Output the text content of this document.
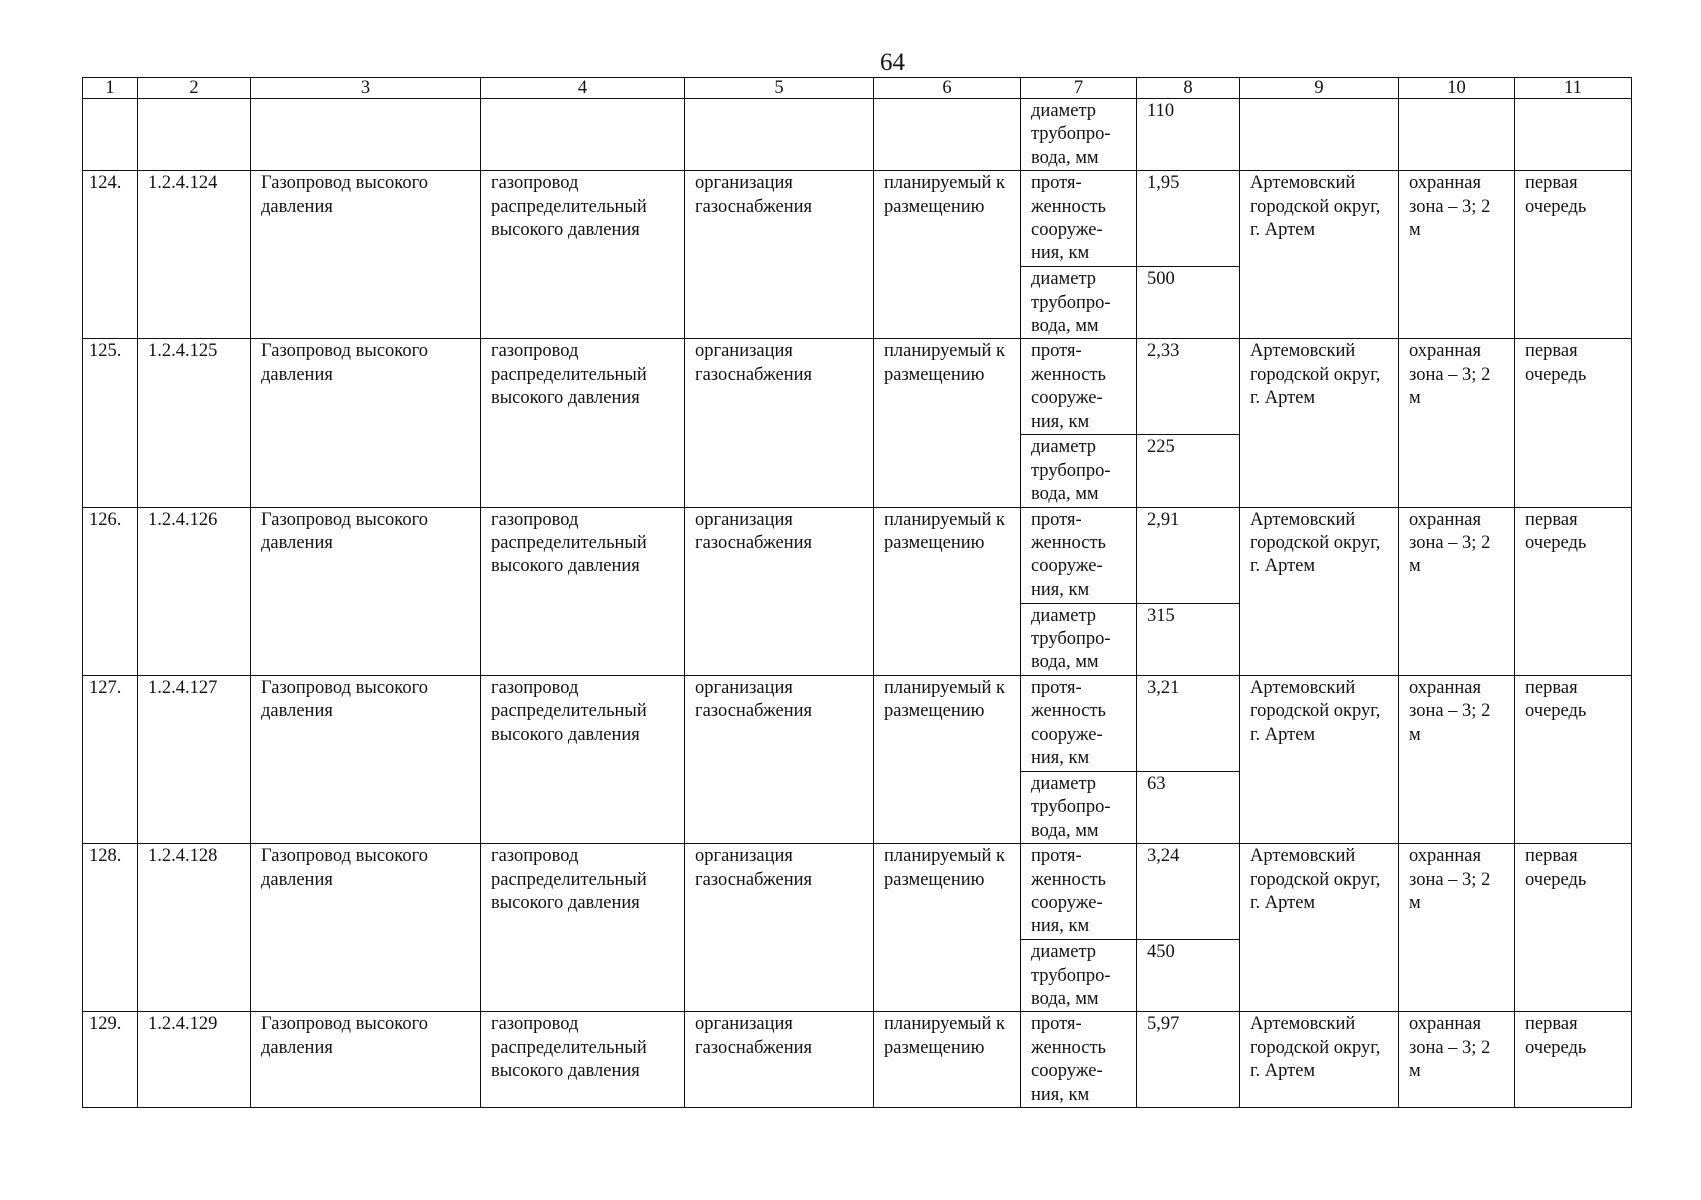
64
1	2	3	4	5	6	7	8	9	10	11
						диаметр трубопро-вода, мм	110			
124.	1.2.4.124	Газопровод высокого давления	газопровод распределительный высокого давления	организация газоснабжения	планируемый к размещению	протя-женность сооруже-ния, км	1,95	Артемовский городской округ, г. Артем	охранная зона – 3; 2 м	первая очередь
						диаметр трубопро-вода, мм	500			
125.	1.2.4.125	Газопровод высокого давления	газопровод распределительный высокого давления	организация газоснабжения	планируемый к размещению	протя-женность сооруже-ния, км	2,33	Артемовский городской округ, г. Артем	охранная зона – 3; 2 м	первая очередь
						диаметр трубопро-вода, мм	225			
126.	1.2.4.126	Газопровод высокого давления	газопровод распределительный высокого давления	организация газоснабжения	планируемый к размещению	протя-женность сооруже-ния, км	2,91	Артемовский городской округ, г. Артем	охранная зона – 3; 2 м	первая очередь
						диаметр трубопро-вода, мм	315			
127.	1.2.4.127	Газопровод высокого давления	газопровод распределительный высокого давления	организация газоснабжения	планируемый к размещению	протя-женность сооруже-ния, км	3,21	Артемовский городской округ, г. Артем	охранная зона – 3; 2 м	первая очередь
						диаметр трубопро-вода, мм	63			
128.	1.2.4.128	Газопровод высокого давления	газопровод распределительный высокого давления	организация газоснабжения	планируемый к размещению	протя-женность сооруже-ния, км	3,24	Артемовский городской округ, г. Артем	охранная зона – 3; 2 м	первая очередь
						диаметр трубопро-вода, мм	450			
129.	1.2.4.129	Газопровод высокого давления	газопровод распределительный высокого давления	организация газоснабжения	планируемый к размещению	протя-женность сооруже-ния, км	5,97	Артемовский городской округ, г. Артем	охранная зона – 3; 2 м	первая очередь
